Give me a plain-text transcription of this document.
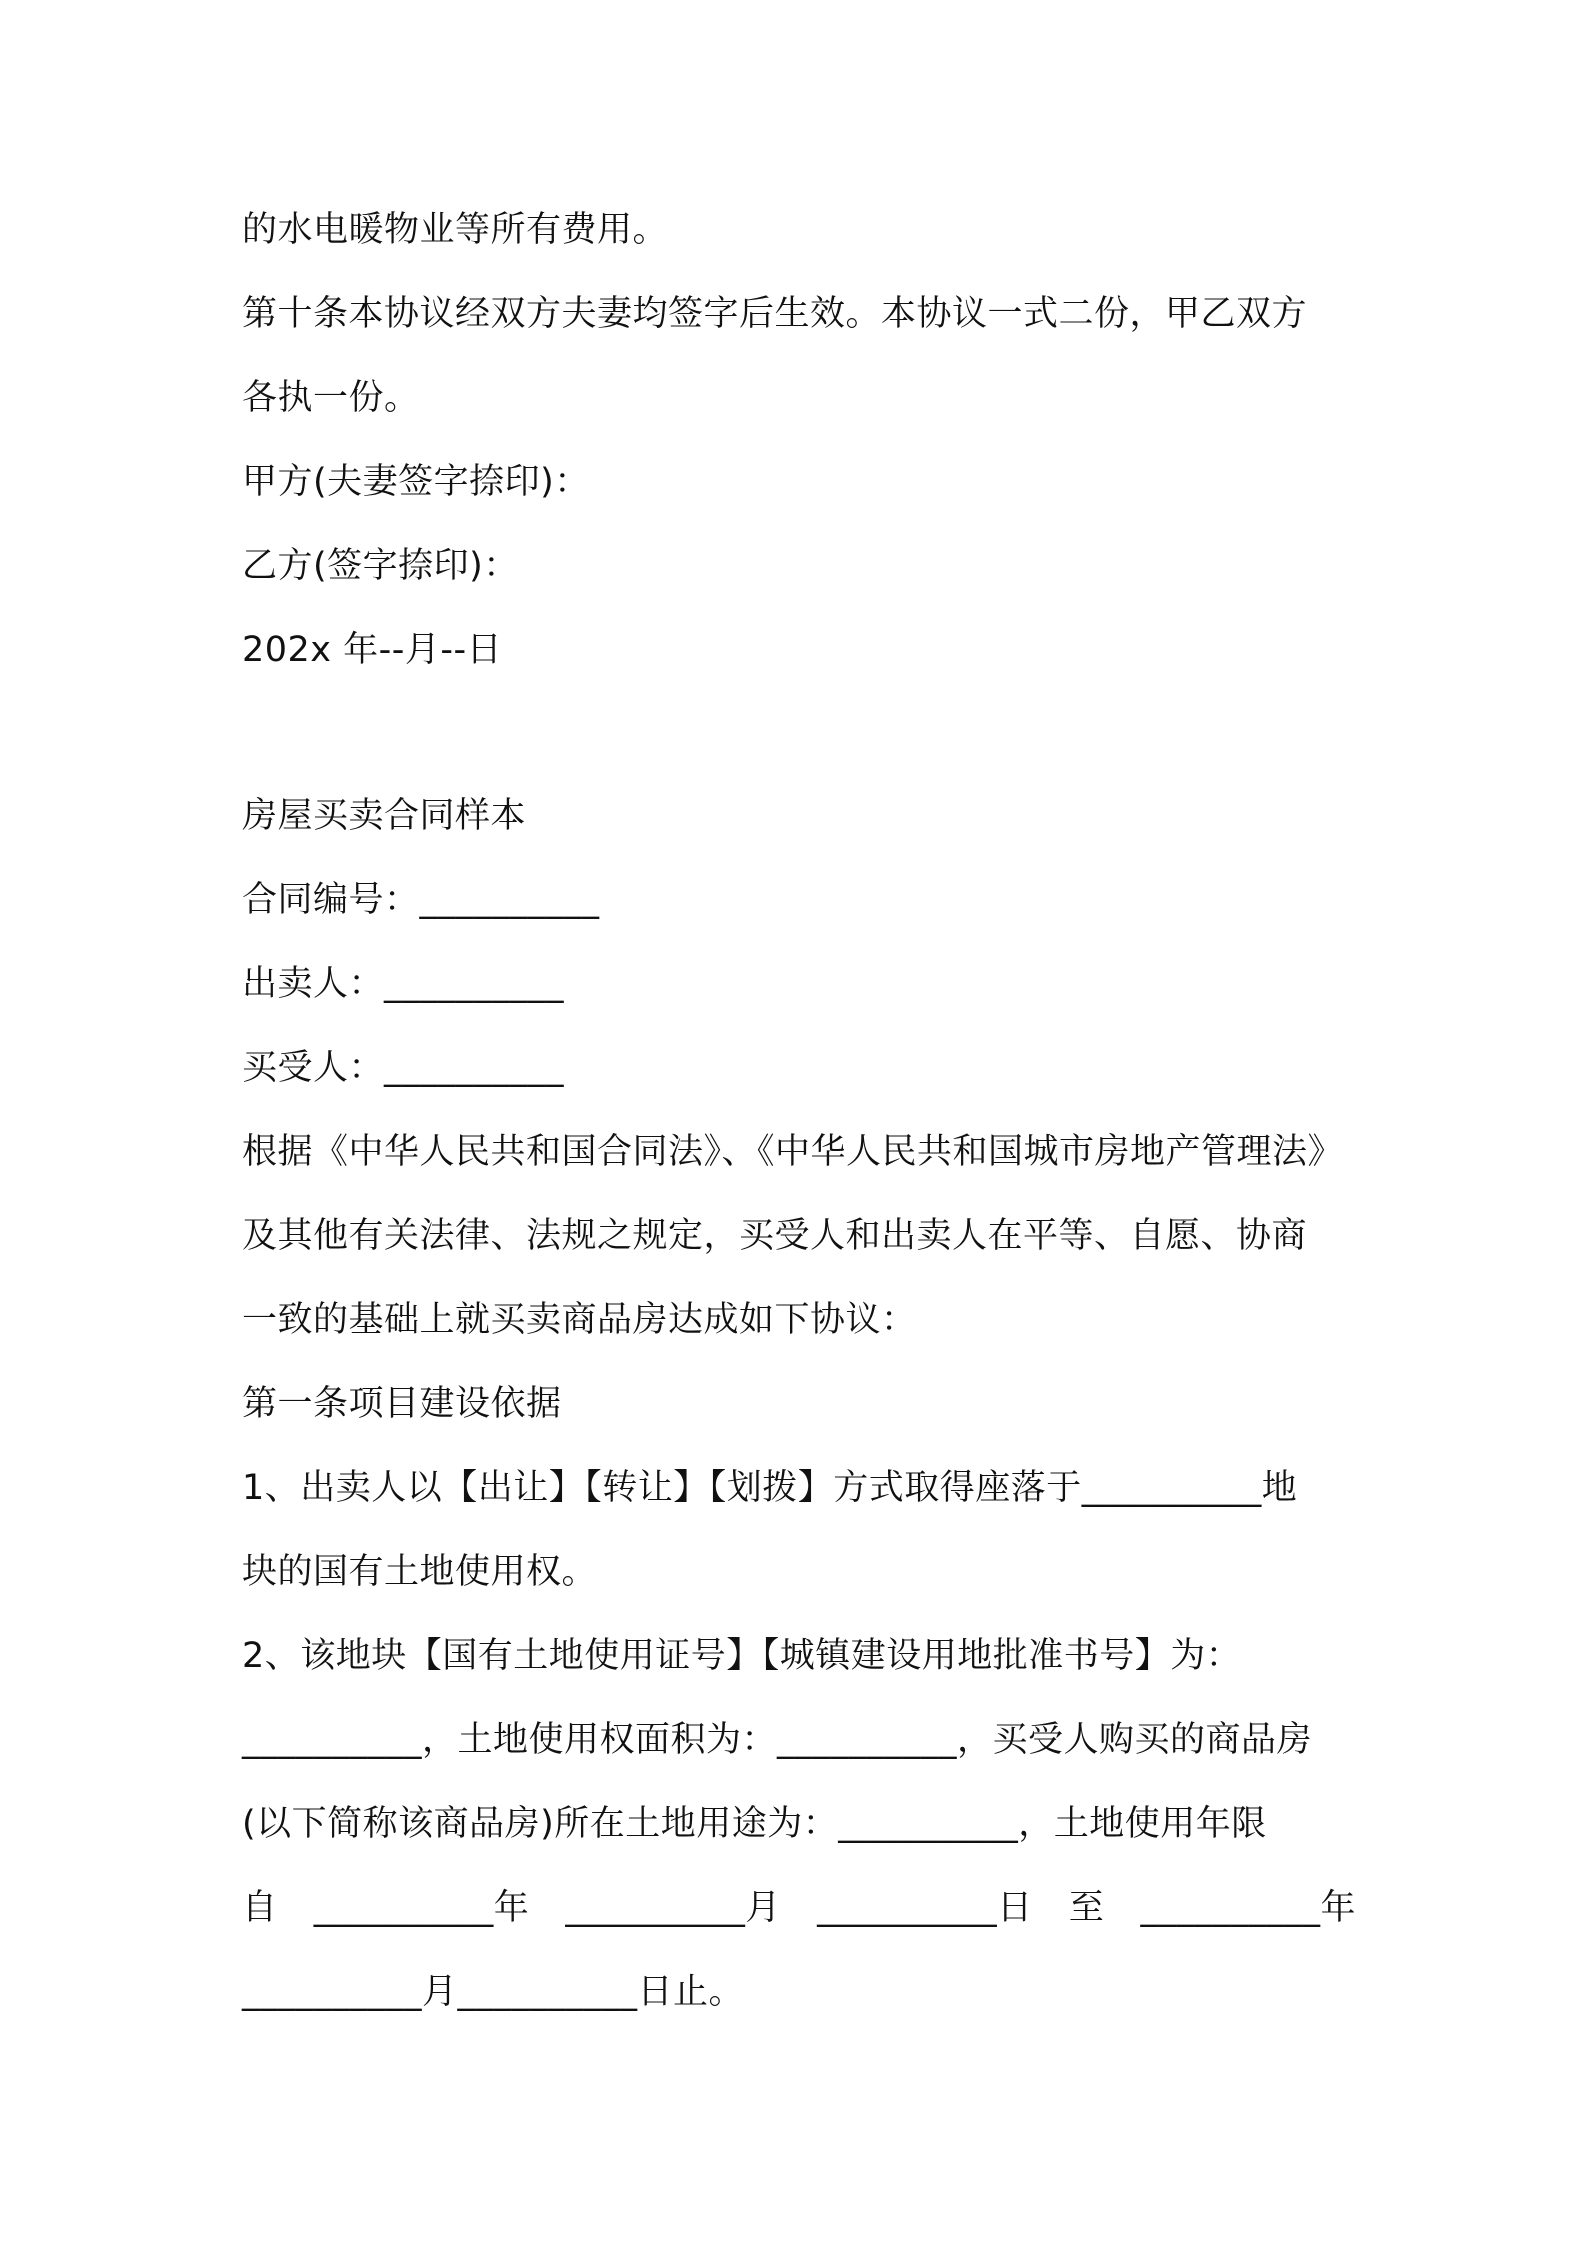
的水电暖物业等所有费用。
第十条本协议经双方夫妻均签字后生效。本协议一式二份，甲乙双方
各执一份。
甲方(夫妻签字捺印)：
乙方(签字捺印)：
202x 年--月--日
房屋买卖合同样本
合同编号：__________
出卖人：__________
买受人：__________
根据《中华人民共和国合同法》、《中华人民共和国城市房地产管理法》
及其他有关法律、法规之规定，买受人和出卖人在平等、自愿、协商
一致的基础上就买卖商品房达成如下协议：
第一条项目建设依据
1、出卖人以【出让】【转让】【划拨】方式取得座落于__________地
块的国有土地使用权。
2、该地块【国有土地使用证号】【城镇建设用地批准书号】为：
__________，土地使用权面积为：__________，买受人购买的商品房
(以下简称该商品房)所在土地用途为：__________，土地使用年限
自 __________年 __________月 __________日 至 __________年
__________月__________日止。
